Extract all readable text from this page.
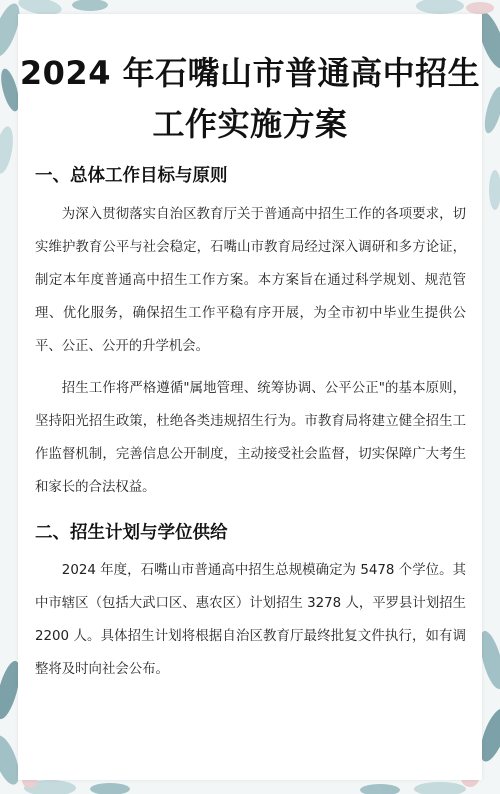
2024 年石嘴山市普通高中招生
工作实施方案
一、总体工作目标与原则

为深入贯彻落实自治区教育厅关于普通高中招生工作的各项要求，切实维护教育公平与社会稳定，石嘴山市教育局经过深入调研和多方论证，制定本年度普通高中招生工作方案。本方案旨在通过科学规划、规范管理、优化服务，确保招生工作平稳有序开展，为全市初中毕业生提供公平、公正、公开的升学机会。

招生工作将严格遵循"属地管理、统筹协调、公平公正"的基本原则，坚持阳光招生政策，杜绝各类违规招生行为。市教育局将建立健全招生工作监督机制，完善信息公开制度，主动接受社会监督，切实保障广大考生和家长的合法权益。

二、招生计划与学位供给

2024 年度，石嘴山市普通高中招生总规模确定为 5478 个学位。其中市辖区（包括大武口区、惠农区）计划招生 3278 人，平罗县计划招生 2200 人。具体招生计划将根据自治区教育厅最终批复文件执行，如有调整将及时向社会公布。
